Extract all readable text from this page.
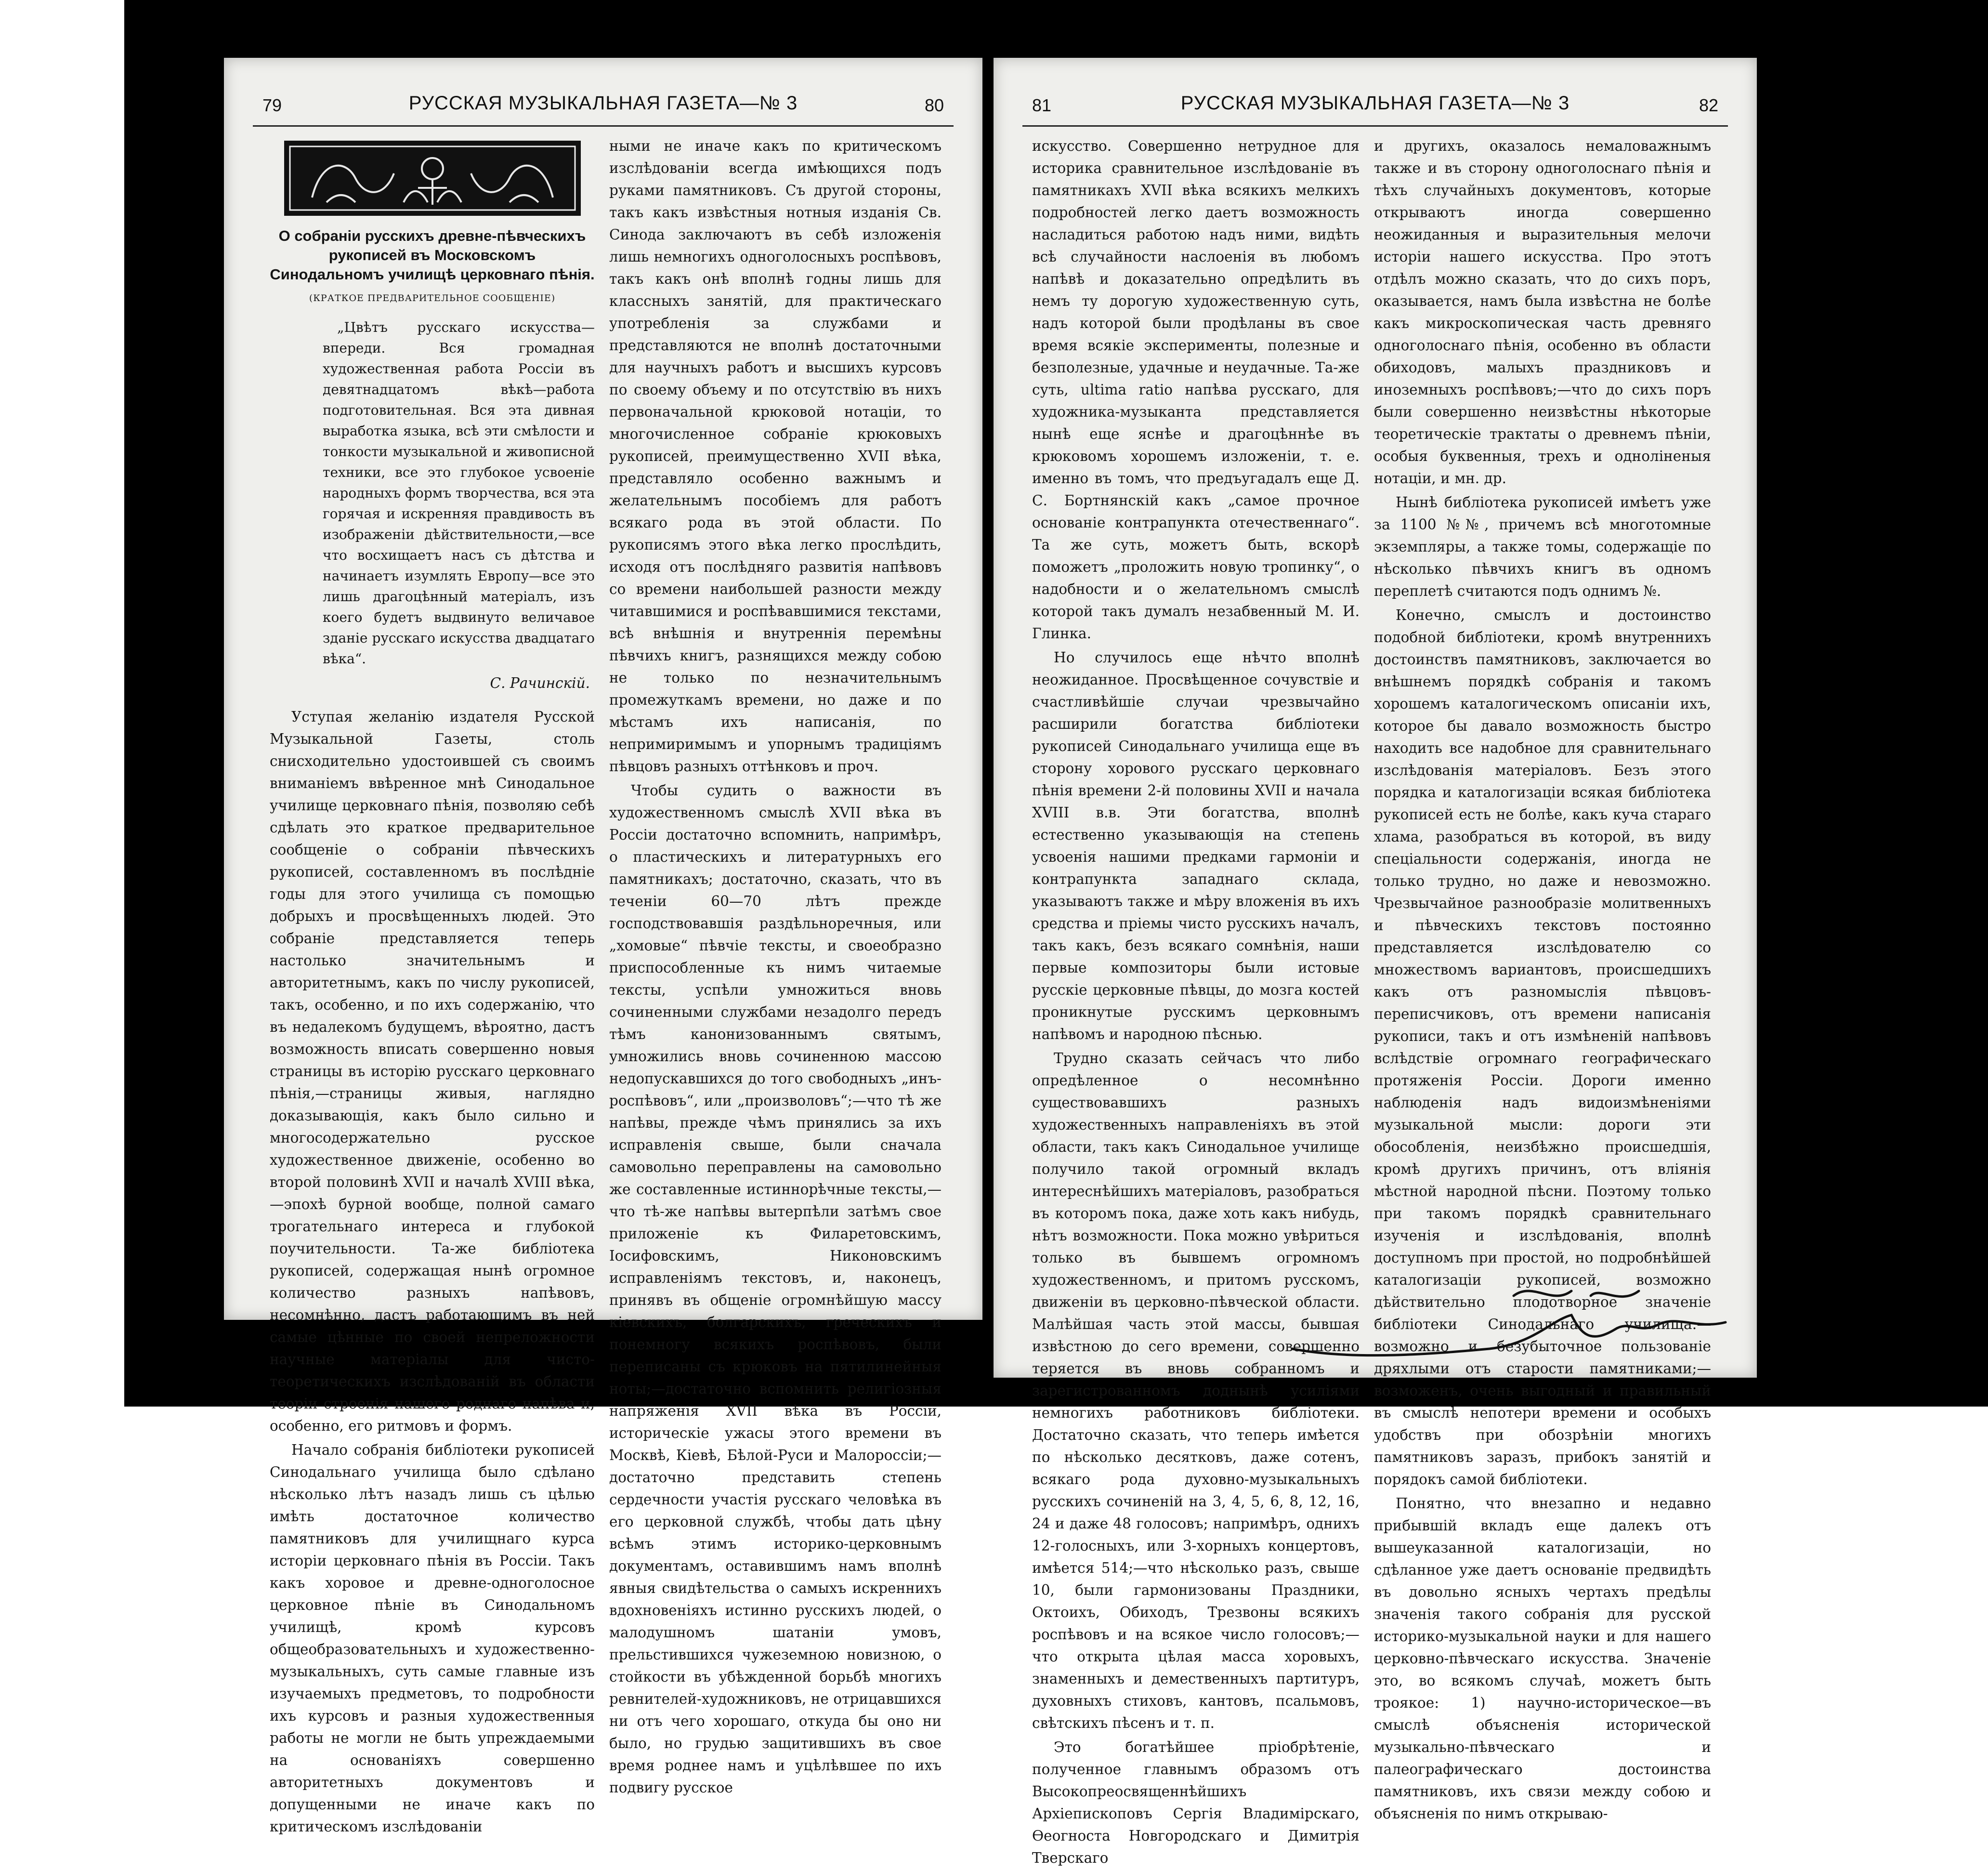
79	РУССКАЯ МУЗЫКАЛЬНАЯ ГАЗЕТА—№ 3	80
О собраніи русскихъ древне-пѣвческихъ рукописей въ Московскомъ Синодальномъ училищѣ церковнаго пѣнія.
(КРАТКОЕ ПРЕДВАРИТЕЛЬНОЕ СООБЩЕНІЕ)
„Цвѣтъ русскаго искусства—впереди. Вся громадная художественная работа Россіи въ девятнадцатомъ вѣкѣ—работа подготовительная. Вся эта дивная выработка языка, всѣ эти смѣлости и тонкости музыкальной и живописной техники, все это глубокое усвоеніе народныхъ формъ творчества, вся эта горячая и искренняя правдивость въ изображеніи дѣйствительности,—все что восхищаетъ насъ съ дѣтства и начинаетъ изумлять Европу—все это лишь драгоцѣнный матеріалъ, изъ коего будетъ выдвинуто величавое зданіе русскаго искусства двадцатаго вѣка“.
С. Рачинскій.

Уступая желанію издателя Русской Музыкальной Газеты, столь снисходительно удостоившей съ своимъ вниманіемъ ввѣренное мнѣ Синодальное училище церковнаго пѣнія, позволяю себѣ сдѣлать это краткое предварительное сообщеніе о собраніи пѣвческихъ рукописей, составленномъ въ послѣдніе годы для этого училища съ помощью добрыхъ и просвѣщенныхъ людей. Это собраніе представляется теперь настолько значительнымъ и авторитетнымъ, какъ по числу рукописей, такъ, особенно, и по ихъ содержанію, что въ недалекомъ будущемъ, вѣроятно, дастъ возможность вписать совершенно новыя страницы въ исторію русскаго церковнаго пѣнія,—страницы живыя, наглядно доказывающія, какъ было сильно и многосодержательно русское художественное движеніе, особенно во второй половинѣ XVII и началѣ XVIII вѣка,—эпохѣ бурной вообще, полной самаго трогательнаго интереса и глубокой поучительности. Та-же библіотека рукописей, содержащая нынѣ огромное количество разныхъ напѣвовъ, несомнѣнно, дастъ работающимъ въ ней самые цѣнные по своей непреложности научные матеріалы для чисто-теоретическихъ изслѣдованій въ области теоріи строенія нашего роднаго напѣва и, особенно, его ритмовъ и формъ.

Начало собранія библіотеки рукописей Синодальнаго училища было сдѣлано нѣсколько лѣтъ назадъ лишь съ цѣлью имѣть достаточное количество памятниковъ для училищнаго курса исторіи церковнаго пѣнія въ Россіи. Такъ какъ хоровое и древне-одноголосное церковное пѣніе въ Синодальномъ училищѣ, кромѣ курсовъ общеобразовательныхъ и художественно-музыкальныхъ, суть самые главные изъ изучаемыхъ предметовъ, то подробности ихъ курсовъ и разныя художественныя работы не могли не быть упреждаемыми на основаніяхъ совершенно авторитетныхъ документовъ и допущенными не иначе какъ по критическомъ изслѣдованіи

ными не иначе какъ по критическомъ изслѣдованіи всегда имѣющихся подъ руками памятниковъ. Съ другой стороны, такъ какъ извѣстныя нотныя изданія Св. Синода заключаютъ въ себѣ изложенія лишь немногихъ одноголосныхъ роспѣвовъ, такъ какъ онѣ вполнѣ годны лишь для классныхъ занятій, для практическаго употребленія за службами и представляются не вполнѣ достаточными для научныхъ работъ и высшихъ курсовъ по своему объему и по отсутствію въ нихъ первоначальной крюковой нотаціи, то многочисленное собраніе крюковыхъ рукописей, преимущественно XVII вѣка, представляло особенно важнымъ и желательнымъ пособіемъ для работъ всякаго рода въ этой области. По рукописямъ этого вѣка легко прослѣдить, исходя отъ послѣдняго развитія напѣвовъ со времени наибольшей разности между читавшимися и роспѣвавшимися текстами, всѣ внѣшнія и внутреннія перемѣны пѣвчихъ книгъ, разнящихся между собою не только по незначительнымъ промежуткамъ времени, но даже и по мѣстамъ ихъ написанія, по непримиримымъ и упорнымъ традиціямъ пѣвцовъ разныхъ оттѣнковъ и проч.

Чтобы судить о важности въ художественномъ смыслѣ XVII вѣка въ Россіи достаточно вспомнить, напримѣръ, о пластическихъ и литературныхъ его памятникахъ; достаточно, сказать, что въ теченіи 60—70 лѣтъ прежде господствовавшія раздѣльноречныя, или „хомовые“ пѣвчіе тексты, и своеобразно приспособленные къ нимъ читаемые тексты, успѣли умножиться вновь сочиненными службами незадолго передъ тѣмъ канонизованнымъ святымъ, умножились вновь сочиненною массою недопускавшихся до того свободныхъ „инъ-роспѣвовъ“, или „произволовъ“;—что тѣ же напѣвы, прежде чѣмъ принялись за ихъ исправленія свыше, были сначала самовольно переправлены на самовольно же составленные истиннорѣчные тексты,—что тѣ-же напѣвы вытерпѣли затѣмъ свое приложеніе къ Филаретовскимъ, Іосифовскимъ, Никоновскимъ исправленіямъ текстовъ, и, наконецъ, принявъ въ общеніе огромнѣйшую массу кіевскихъ, болгарскихъ, греческихъ и понемногу всякихъ роспѣвовъ, были переписаны съ крюковъ на пятилинейныя ноты;—достаточно вспомнить религіозныя напряженія XVII вѣка въ Россіи, историческіе ужасы этого времени въ Москвѣ, Кіевѣ, Бѣлой-Руси и Малороссіи;—достаточно представить степень сердечности участія русскаго человѣка въ его церковной службѣ, чтобы дать цѣну всѣмъ этимъ историко-церковнымъ документамъ, оставившимъ намъ вполнѣ явныя свидѣтельства о самыхъ искреннихъ вдохновеніяхъ истинно русскихъ людей, о малодушномъ шатаніи умовъ, прельстившихся чужеземною новизною, о стойкости въ убѣжденной борьбѣ многихъ ревнителей-художниковъ, не отрицавшихся ни отъ чего хорошаго, откуда бы оно ни было, но грудью защитившихъ въ свое время роднее намъ и уцѣлѣвшее по ихъ подвигу русское

81	РУССКАЯ МУЗЫКАЛЬНАЯ ГАЗЕТА—№ 3	82

искусство. Совершенно нетрудное для историка сравнительное изслѣдованіе въ памятникахъ XVII вѣка всякихъ мелкихъ подробностей легко даетъ возможность насладиться работою надъ ними, видѣть всѣ случайности наслоенія въ любомъ напѣвѣ и доказательно опредѣлить въ немъ ту дорогую художественную суть, надъ которой были продѣланы въ свое время всякіе эксперименты, полезные и безполезные, удачные и неудачные. Та-же суть, ultima ratio напѣва русскаго, для художника-музыканта представляется нынѣ еще яснѣе и драгоцѣннѣе въ крюковомъ хорошемъ изложеніи, т. е. именно въ томъ, что предъугадалъ еще Д. С. Бортнянскій какъ „самое прочное основаніе контрапункта отечественнаго“. Та же суть, можетъ быть, вскорѣ поможетъ „проложить новую тропинку“, о надобности и о желательномъ смыслѣ которой такъ думалъ незабвенный М. И. Глинка.

Но случилось еще нѣчто вполнѣ неожиданное. Просвѣщенное сочувствіе и счастливѣйшіе случаи чрезвычайно расширили богатства библіотеки рукописей Синодальнаго училища еще въ сторону хорового русскаго церковнаго пѣнія времени 2-й половины XVII и начала XVIII в.в. Эти богатства, вполнѣ естественно указывающія на степень усвоенія нашими предками гармоніи и контрапункта западнаго склада, указываютъ также и мѣру вложенія въ ихъ средства и пріемы чисто русскихъ началъ, такъ какъ, безъ всякаго сомнѣнія, наши первые композиторы были истовые русскіе церковные пѣвцы, до мозга костей проникнутые русскимъ церковнымъ напѣвомъ и народною пѣснью.

Трудно сказать сейчасъ что либо опредѣленное о несомнѣнно существовавшихъ разныхъ художественныхъ направленіяхъ въ этой области, такъ какъ Синодальное училище получило такой огромный вкладъ интереснѣйшихъ матеріаловъ, разобраться въ которомъ пока, даже хоть какъ нибудь, нѣтъ возможности. Пока можно увѣриться только въ бывшемъ огромномъ художественномъ, и притомъ русскомъ, движеніи въ церковно-пѣвческой области. Малѣйшая часть этой массы, бывшая извѣстною до сего времени, совершенно теряется въ вновь собранномъ и зарегистрованномъ доднынѣ усиліями немногихъ работниковъ библіотеки. Достаточно сказать, что теперь имѣется по нѣсколько десятковъ, даже сотенъ, всякаго рода духовно-музыкальныхъ русскихъ сочиненій на 3, 4, 5, 6, 8, 12, 16, 24 и даже 48 голосовъ; напримѣръ, однихъ 12-голосныхъ, или 3-хорныхъ концертовъ, имѣется 514;—что нѣсколько разъ, свыше 10, были гармонизованы Праздники, Октоихъ, Обиходъ, Трезвоны всякихъ роспѣвовъ и на всякое число голосовъ;—что открыта цѣлая масса хоровыхъ, знаменныхъ и демественныхъ партитуръ, духовныхъ стиховъ, кантовъ, псальмовъ, свѣтскихъ пѣсенъ и т. п.

Это богатѣйшее пріобрѣтеніе, полученное главнымъ образомъ отъ Высокопреосвященнѣйшихъ Архіепископовъ Сергія Владимірскаго, Ѳеогноста Новгородскаго и Димитрія Тверскаго

и другихъ, оказалось немаловажнымъ также и въ сторону одноголоснаго пѣнія и тѣхъ случайныхъ документовъ, которые открываютъ иногда совершенно неожиданныя и выразительныя мелочи исторіи нашего искусства. Про этотъ отдѣлъ можно сказать, что до сихъ поръ, оказывается, намъ была извѣстна не болѣе какъ микроскопическая часть древняго одноголоснаго пѣнія, особенно въ области обиходовъ, малыхъ праздниковъ и иноземныхъ роспѣвовъ;—что до сихъ поръ были совершенно неизвѣстны нѣкоторые теоретическіе трактаты о древнемъ пѣніи, особыя буквенныя, трехъ и одноліненыя нотаціи, и мн. др.

Нынѣ библіотека рукописей имѣетъ уже за 1100 №№, причемъ всѣ многотомные экземпляры, а также томы, содержащіе по нѣсколько пѣвчихъ книгъ въ одномъ переплетѣ считаются подъ однимъ №.

Конечно, смыслъ и достоинство подобной библіотеки, кромѣ внутреннихъ достоинствъ памятниковъ, заключается во внѣшнемъ порядкѣ собранія и такомъ хорошемъ каталогическомъ описаніи ихъ, которое бы давало возможность быстро находить все надобное для сравнительнаго изслѣдованія матеріаловъ. Безъ этого порядка и каталогизаціи всякая библіотека рукописей есть не болѣе, какъ куча стараго хлама, разобраться въ которой, въ виду спеціальности содержанія, иногда не только трудно, но даже и невозможно. Чрезвычайное разнообразіе молитвенныхъ и пѣвческихъ текстовъ постоянно представляется изслѣдователю со множествомъ вариантовъ, происшедшихъ какъ отъ разномыслія пѣвцовъ-переписчиковъ, отъ времени написанія рукописи, такъ и отъ измѣненій напѣвовъ вслѣдствіе огромнаго географическаго протяженія Россіи. Дороги именно наблюденія надъ видоизмѣненіями музыкальной мысли: дороги эти обособленія, неизбѣжно происшедшія, кромѣ другихъ причинъ, отъ вліянія мѣстной народной пѣсни. Поэтому только при такомъ порядкѣ сравнительнаго изученія и изслѣдованія, вполнѣ доступномъ при простой, но подробнѣйшей каталогизаціи рукописей, возможно дѣйствительно плодотворное значеніе библіотеки Синодальнаго училища:—возможно и безубыточное пользованіе дряхлыми отъ старости памятниками;—возможенъ, очень выгодный и правильный въ смыслѣ непотери времени и особыхъ удобствъ при обозрѣніи многихъ памятниковъ заразъ, прибокъ занятій и порядокъ самой библіотеки.

Понятно, что внезапно и недавно прибывшій вкладъ еще далекъ отъ вышеуказанной каталогизаціи, но сдѣланное уже даетъ основаніе предвидѣть въ довольно ясныхъ чертахъ предѣлы значенія такого собранія для русской историко-музыкальной науки и для нашего церковно-пѣвческаго искусства. Значеніе это, во всякомъ случаѣ, можетъ быть троякое: 1) научно-историческое—въ смыслѣ объясненія исторической музыкально-пѣвческаго и палеографическаго достоинства памятниковъ, ихъ связи между собою и объясненія по нимъ открываю-
